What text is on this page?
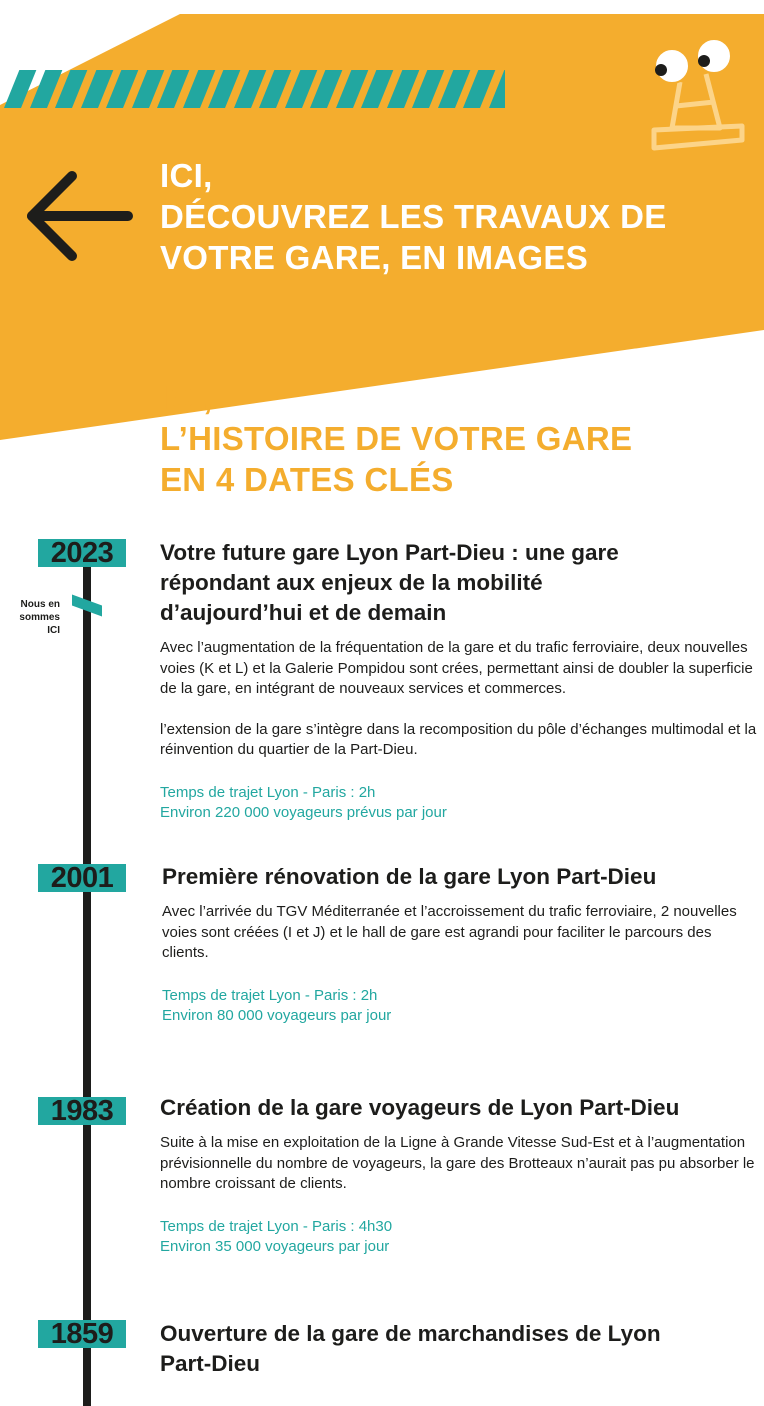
ICI,
DÉCOUVREZ LES TRAVAUX DE
VOTRE GARE, EN IMAGES
ICI,
L’HISTOIRE DE VOTRE GARE
EN 4 DATES CLÉS
Nous en
sommes
ICI
2023	Votre future gare Lyon Part-Dieu : une gare
répondant aux enjeux de la mobilité
d’aujourd’hui et de demain

Avec l’augmentation de la fréquentation de la gare et du trafic ferroviaire, deux nouvelles voies (K et L) et la Galerie Pompidou sont crées, permettant ainsi de doubler la superficie de la gare, en intégrant de nouveaux services et commerces.

l’extension de la gare s’intègre dans la recomposition du pôle d’échanges multimodal et la réinvention du quartier de la Part-Dieu.

Temps de trajet Lyon - Paris : 2h

Environ 220 000 voyageurs prévus par jour

2001	Première rénovation de la gare Lyon Part-Dieu

Avec l’arrivée du TGV Méditerranée et l’accroissement du trafic ferroviaire, 2 nouvelles voies sont créées (I et J) et le hall de gare est agrandi pour faciliter le parcours des clients.

Temps de trajet Lyon - Paris : 2h

Environ 80 000 voyageurs par jour

1983	Création de la gare voyageurs de Lyon Part-Dieu

Suite à la mise en exploitation de la Ligne à Grande Vitesse Sud-Est et à l’augmentation prévisionnelle du nombre de voyageurs, la gare des Brotteaux n’aurait pas pu absorber le nombre croissant de clients.

Temps de trajet Lyon - Paris : 4h30

Environ 35 000 voyageurs par jour

1859	Ouverture de la gare de marchandises de Lyon
Part-Dieu
